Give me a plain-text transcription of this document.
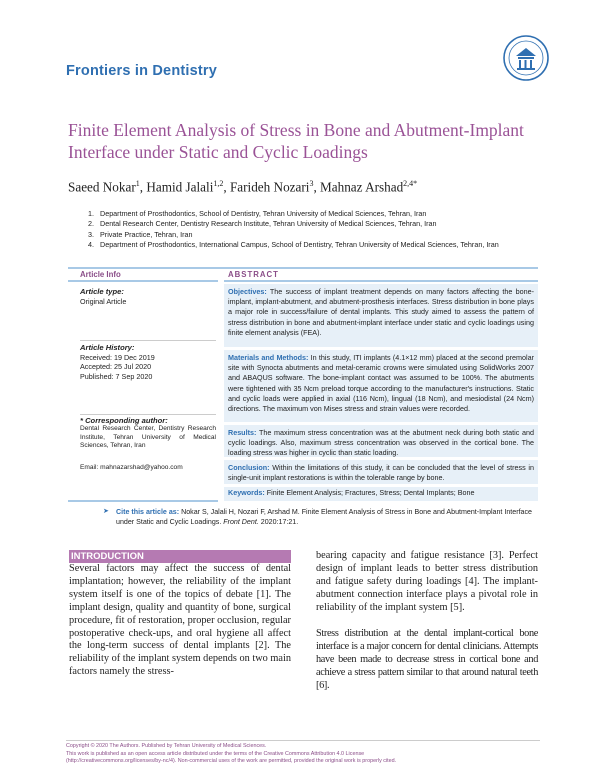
Frontiers in Dentistry
Finite Element Analysis of Stress in Bone and Abutment-Implant Interface under Static and Cyclic Loadings
Saeed Nokar$^1$, Hamid Jalali$^{1,2}$, Farideh Nozari$^3$, Mahnaz Arshad$^{2,4*}$
1. Department of Prosthodontics, School of Dentistry, Tehran University of Medical Sciences, Tehran, Iran
2. Dental Research Center, Dentistry Research Institute, Tehran University of Medical Sciences, Tehran, Iran
3. Private Practice, Tehran, Iran
4. Department of Prosthodontics, International Campus, School of Dentistry, Tehran University of Medical Sciences, Tehran, Iran
Article Info	ABSTRACT
Article type:
Original Article
Article History:
Received: 19 Dec 2019
Accepted: 25 Jul 2020
Published: 7 Sep 2020
* Corresponding author:
Dental Research Center, Dentistry Research Institute, Tehran University of Medical Sciences, Tehran, Iran
Email: mahnazarshad@yahoo.com
Objectives: The success of implant treatment depends on many factors affecting the bone-implant, implant-abutment, and abutment-prosthesis interfaces. Stress distribution in bone plays a major role in success/failure of dental implants. This study aimed to assess the pattern of stress distribution in bone and abutment-implant interface under static and cyclic loadings using finite element analysis (FEA).
Materials and Methods: In this study, ITI implants (4.1×12 mm) placed at the second premolar site with Synocta abutments and metal-ceramic crowns were simulated using SolidWorks 2007 and ABAQUS software. The bone-implant contact was assumed to be 100%. The abutments were tightened with 35 Ncm preload torque according to the manufacturer's instructions. Static and cyclic loads were applied in axial (116 Ncm), lingual (18 Ncm), and mesiodistal (24 Ncm) directions. The maximum von Mises stress and strain values were recorded.
Results: The maximum stress concentration was at the abutment neck during both static and cyclic loadings. Also, maximum stress concentration was observed in the cortical bone. The loading stress was higher in cyclic than static loading.
Conclusion: Within the limitations of this study, it can be concluded that the level of stress in single-unit implant restorations is within the tolerable range by bone.
Keywords: Finite Element Analysis; Fractures, Stress; Dental Implants; Bone
➤ Cite this article as: Nokar S, Jalali H, Nozari F, Arshad M. Finite Element Analysis of Stress in Bone and Abutment-Implant Interface under Static and Cyclic Loadings. Front Dent. 2020:17:21.
INTRODUCTION
Several factors may affect the success of dental implantation; however, the reliability of the implant system itself is one of the topics of debate [1]. The implant design, quality and quantity of bone, surgical procedure, fit of restoration, proper occlusion, regular postoperative check-ups, and oral hygiene all affect the long-term success of dental implants [2]. The reliability of the implant system depends on two main factors namely the stress-
bearing capacity and fatigue resistance [3]. Perfect design of implant leads to better stress distribution and fatigue safety during loadings [4]. The implant-abutment connection interface plays a pivotal role in reliability of the implant system [5].
Stress distribution at the dental implant-cortical bone interface is a major concern for dental clinicians. Attempts have been made to decrease stress in cortical bone and achieve a stress pattern similar to that around natural teeth [6].
Copyright © 2020 The Authors. Published by Tehran University of Medical Sciences.
This work is published as an open access article distributed under the terms of the Creative Commons Attribution 4.0 License
(http://creativecommons.org/licenses/by-nc/4). Non-commercial uses of the work are permitted, provided the original work is properly cited.
